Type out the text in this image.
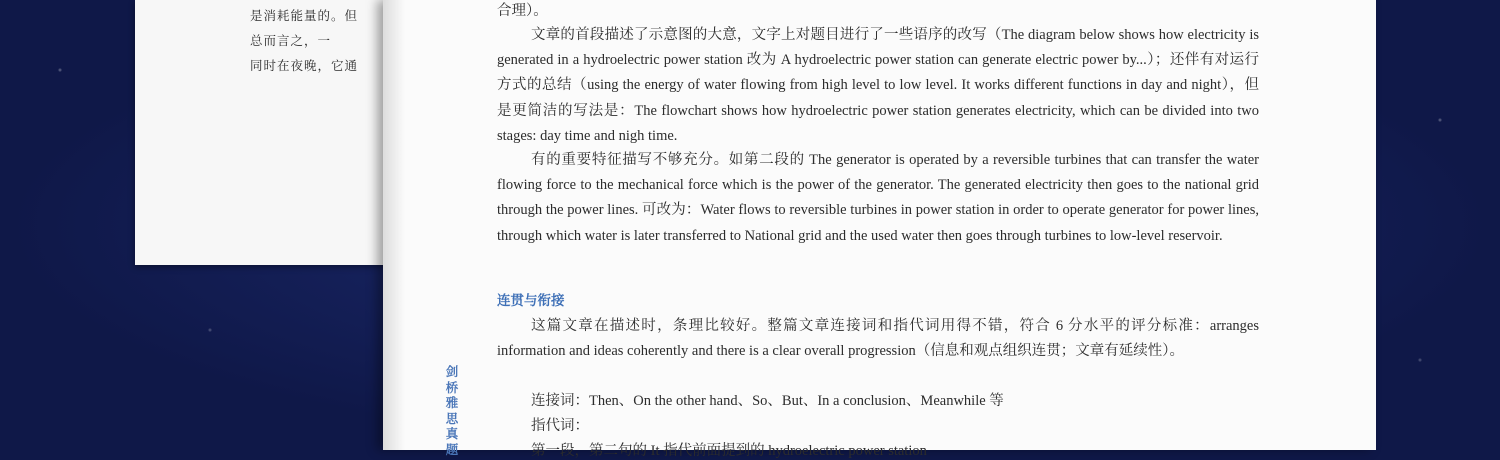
是消耗能量的。但
总而言之，一
同时在夜晚，它通
合理）。
文章的首段描述了示意图的大意，文字上对题目进行了一些语序的改写（The diagram below shows how electricity is generated in a hydroelectric power station 改为 A hydroelectric power station can generate electric power by...）；还伴有对运行方式的总结（using the energy of water flowing from high level to low level. It works different functions in day and night），但是更简洁的写法是：The flowchart shows how hydroelectric power station generates electricity, which can be divided into two stages: day time and nigh time.
有的重要特征描写不够充分。如第二段的 The generator is operated by a reversible turbines that can transfer the water flowing force to the mechanical force which is the power of the generator. The generated electricity then goes to the national grid through the power lines. 可改为：Water flows to reversible turbines in power station in order to operate generator for power lines, through which water is later transferred to National grid and the used water then goes through turbines to low-level reservoir.
连贯与衔接
这篇文章在描述时，条理比较好。整篇文章连接词和指代词用得不错，符合 6 分水平的评分标准：arranges information and ideas coherently and there is a clear overall progression（信息和观点组织连贯；文章有延续性）。
连接词：Then、On the other hand、So、But、In a conclusion、Meanwhile 等
指代词：
第一段，第二句的 It 指代前面提到的 hydroelectric power station
剑桥雅思真题
